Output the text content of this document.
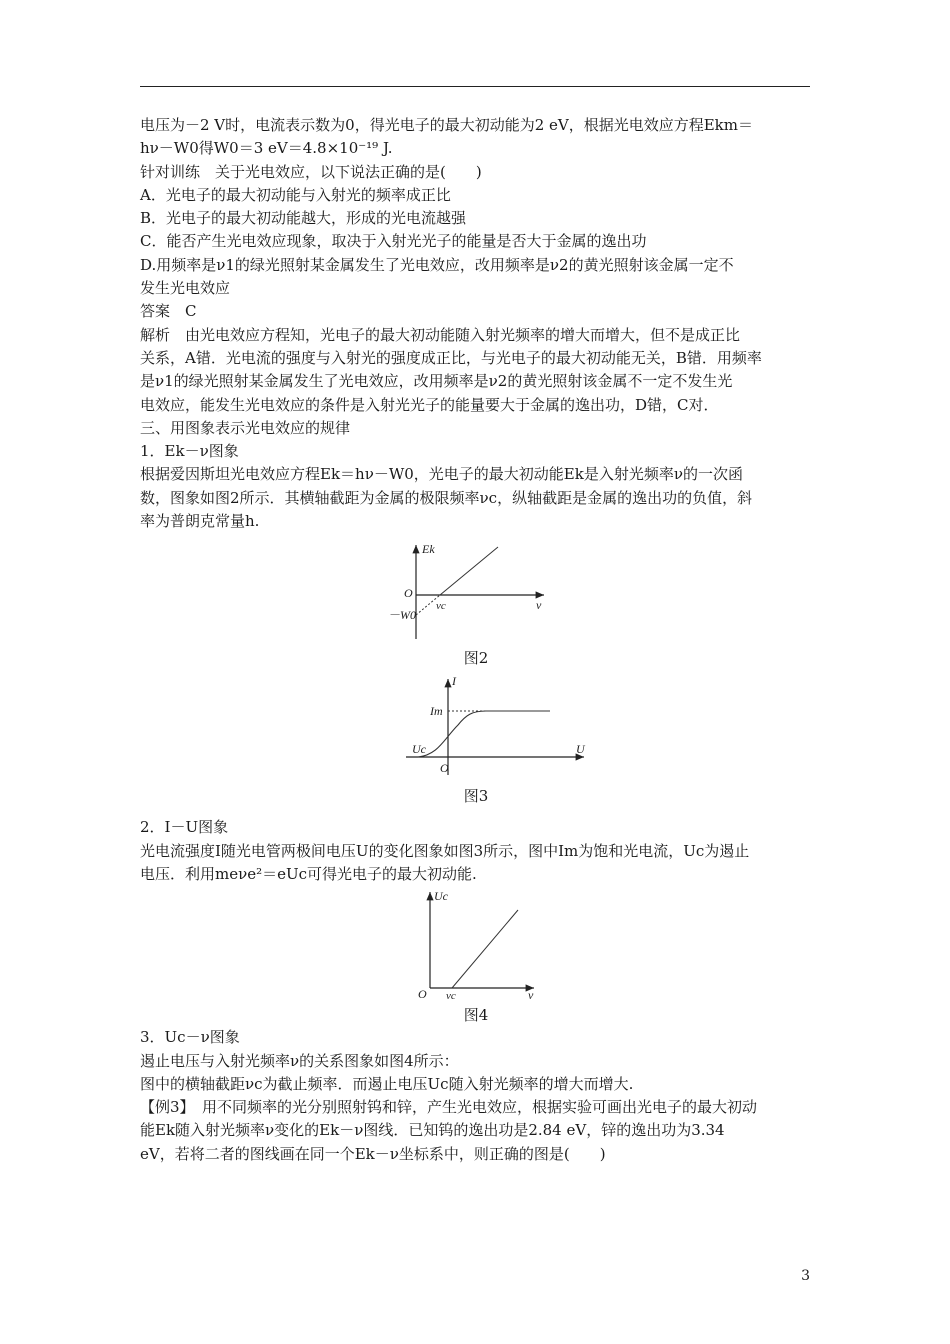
电压为－2 V时，电流表示数为0，得光电子的最大初动能为2 eV，根据光电效应方程Ekm＝
hν－W0得W0＝3 eV＝4.8×10⁻¹⁹ J.
针对训练　关于光电效应，以下说法正确的是(　　)
A．光电子的最大初动能与入射光的频率成正比
B．光电子的最大初动能越大，形成的光电流越强
C．能否产生光电效应现象，取决于入射光光子的能量是否大于金属的逸出功
D.用频率是ν1的绿光照射某金属发生了光电效应，改用频率是ν2的黄光照射该金属一定不
发生光电效应
答案　C
解析　由光电效应方程知，光电子的最大初动能随入射光频率的增大而增大，但不是成正比
关系，A错．光电流的强度与入射光的强度成正比，与光电子的最大初动能无关，B错．用频率
是ν1的绿光照射某金属发生了光电效应，改用频率是ν2的黄光照射该金属不一定不发生光
电效应，能发生光电效应的条件是入射光光子的能量要大于金属的逸出功，D错，C对．
三、用图象表示光电效应的规律
1．Ek－ν图象
根据爱因斯坦光电效应方程Ek＝hν－W0，光电子的最大初动能Ek是入射光频率ν的一次函
数，图象如图2所示．其横轴截距为金属的极限频率νc，纵轴截距是金属的逸出功的负值，斜
率为普朗克常量h.
Ek
O
νc	ν
－W0
图2
I
Im
Uc
O
U
图3
2．I－U图象
光电流强度I随光电管两极间电压U的变化图象如图3所示，图中Im为饱和光电流，Uc为遏止
电压．利用meνe²＝eUc可得光电子的最大初动能.
Uc
O νc	ν
图4
3．Uc－ν图象
遏止电压与入射光频率ν的关系图象如图4所示：
图中的横轴截距νc为截止频率．而遏止电压Uc随入射光频率的增大而增大.
【例3】　用不同频率的光分别照射钨和锌，产生光电效应，根据实验可画出光电子的最大初动
能Ek随入射光频率ν变化的Ek－ν图线．已知钨的逸出功是2.84 eV，锌的逸出功为3.34
eV，若将二者的图线画在同一个Ek－ν坐标系中，则正确的图是(　　)
3
